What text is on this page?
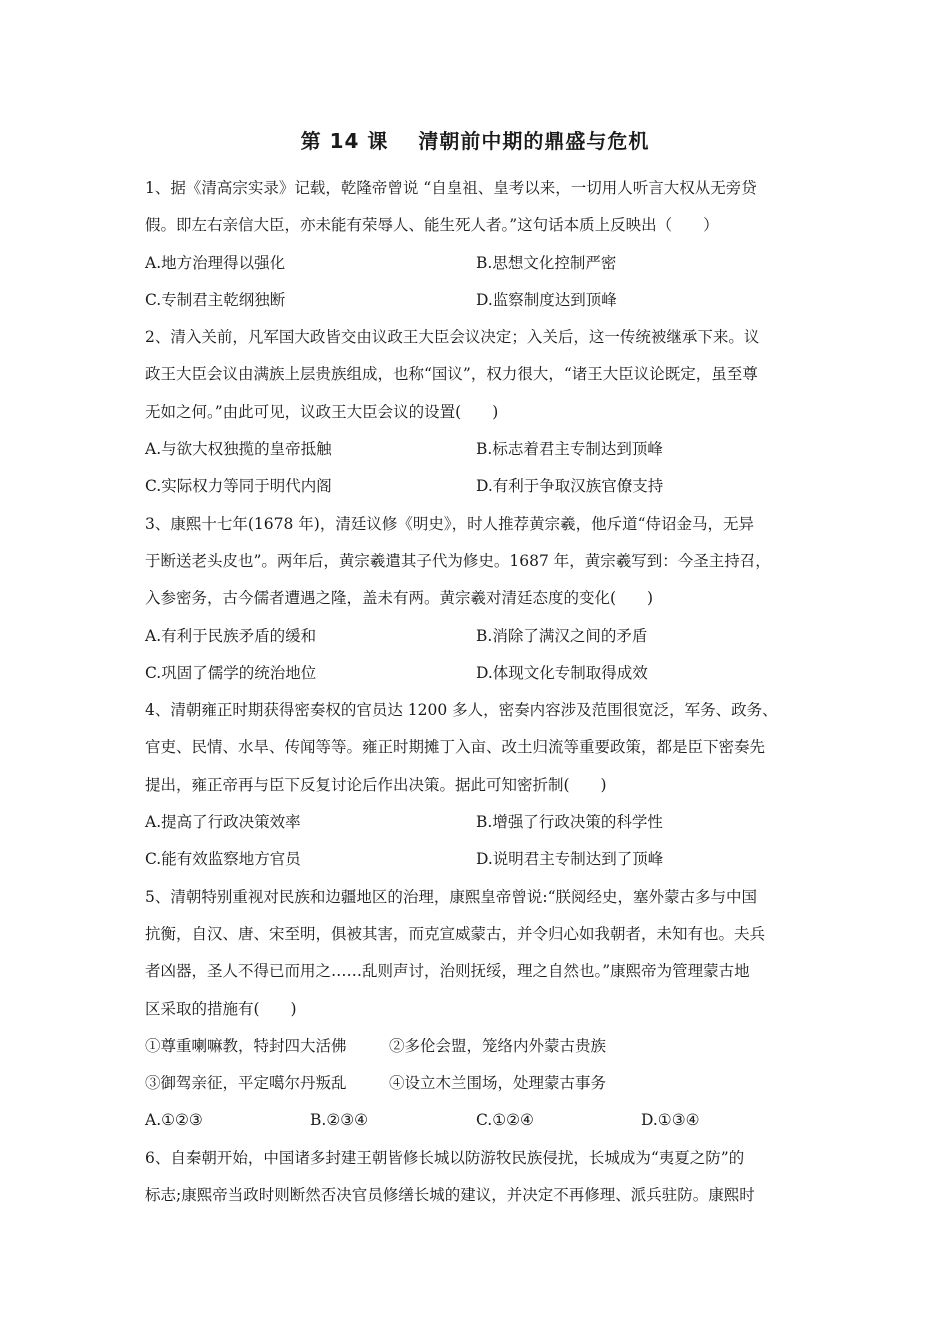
第 14 课 清朝前中期的鼎盛与危机
1、据《清高宗实录》记载，乾隆帝曾说 “自皇祖、皇考以来，一切用人听言大权从无旁贷
假。即左右亲信大臣，亦未能有荣辱人、能生死人者。”这句话本质上反映出（　　）
A.地方治理得以强化	B.思想文化控制严密
C.专制君主乾纲独断	D.监察制度达到顶峰
2、清入关前，凡军国大政皆交由议政王大臣会议决定；入关后，这一传统被继承下来。议
政王大臣会议由满族上层贵族组成，也称“国议”，权力很大，“诸王大臣议论既定，虽至尊
无如之何。”由此可见，议政王大臣会议的设置(　　)
A.与欲大权独揽的皇帝抵触	B.标志着君主专制达到顶峰
C.实际权力等同于明代内阁	D.有利于争取汉族官僚支持
3、康熙十七年(1678 年)，清廷议修《明史》，时人推荐黄宗羲，他斥道“侍诏金马，无异
于断送老头皮也”。两年后，黄宗羲遣其子代为修史。1687 年，黄宗羲写到：今圣主持召，
入参密务，古今儒者遭遇之隆，盖未有两。黄宗羲对清廷态度的变化(　　)
A.有利于民族矛盾的缓和	B.消除了满汉之间的矛盾
C.巩固了儒学的统治地位	D.体现文化专制取得成效
4、清朝雍正时期获得密奏权的官员达 1200 多人，密奏内容涉及范围很宽泛，军务、政务、
官吏、民情、水旱、传闻等等。雍正时期摊丁入亩、改土归流等重要政策，都是臣下密奏先
提出，雍正帝再与臣下反复讨论后作出决策。据此可知密折制(　　)
A.提高了行政决策效率	B.增强了行政决策的科学性
C.能有效监察地方官员	D.说明君主专制达到了顶峰
5、清朝特别重视对民族和边疆地区的治理，康熙皇帝曾说:“朕阅经史，塞外蒙古多与中国
抗衡，自汉、唐、宋至明，俱被其害，而克宣威蒙古，并令归心如我朝者，未知有也。夫兵
者凶器，圣人不得已而用之……乱则声讨，治则抚绥，理之自然也。”康熙帝为管理蒙古地
区采取的措施有(　　)
①尊重喇嘛教，特封四大活佛	②多伦会盟，笼络内外蒙古贵族
③御驾亲征，平定噶尔丹叛乱	④设立木兰围场，处理蒙古事务
A.①②③	B.②③④	C.①②④	D.①③④
6、自秦朝开始，中国诸多封建王朝皆修长城以防游牧民族侵扰，长城成为“夷夏之防”的
标志;康熙帝当政时则断然否决官员修缮长城的建议，并决定不再修理、派兵驻防。康熙时
